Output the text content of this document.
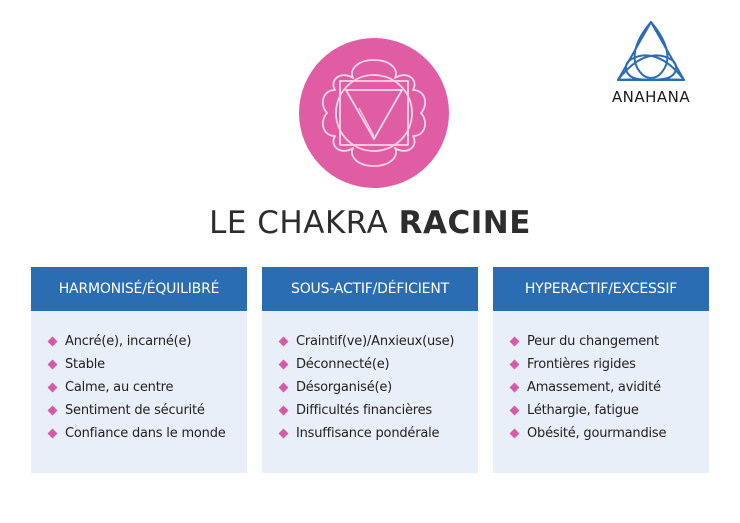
ANAHANA
LE CHAKRA RACINE
HARMONISÉ/ÉQUILIBRÉ
Ancré(e), incarné(e)
Stable
Calme, au centre
Sentiment de sécurité
Confiance dans le monde
SOUS-ACTIF/DÉFICIENT
Craintif(ve)/Anxieux(use)
Déconnecté(e)
Désorganisé(e)
Difficultés financières
Insuffisance pondérale
HYPERACTIF/EXCESSIF
Peur du changement
Frontières rigides
Amassement, avidité
Léthargie, fatigue
Obésité, gourmandise
